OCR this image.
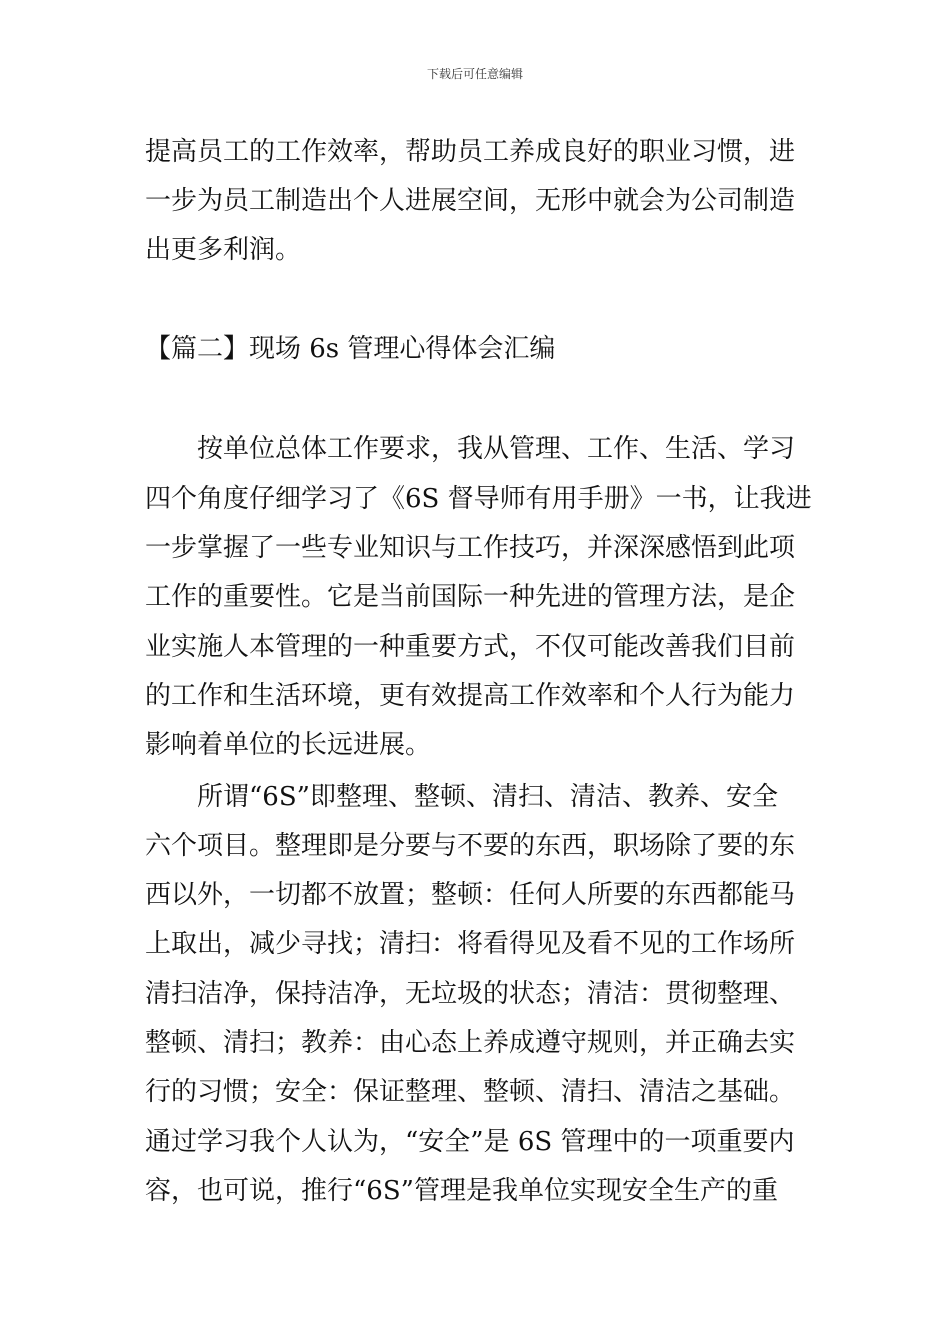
下载后可任意编辑
提高员工的工作效率，帮助员工养成良好的职业习惯，进
一步为员工制造出个人进展空间，无形中就会为公司制造
出更多利润。
【篇二】现场 6s 管理心得体会汇编
按单位总体工作要求，我从管理、工作、生活、学习
四个角度仔细学习了《6S 督导师有用手册》一书，让我进
一步掌握了一些专业知识与工作技巧，并深深感悟到此项
工作的重要性。它是当前国际一种先进的管理方法，是企
业实施人本管理的一种重要方式，不仅可能改善我们目前
的工作和生活环境，更有效提高工作效率和个人行为能力
影响着单位的长远进展。
所谓“6S”即整理、整顿、清扫、清洁、教养、安全
六个项目。整理即是分要与不要的东西，职场除了要的东
西以外，一切都不放置；整顿：任何人所要的东西都能马
上取出，减少寻找；清扫：将看得见及看不见的工作场所
清扫洁净，保持洁净，无垃圾的状态；清洁：贯彻整理、
整顿、清扫；教养：由心态上养成遵守规则，并正确去实
行的习惯；安全：保证整理、整顿、清扫、清洁之基础。
通过学习我个人认为，“安全”是 6S 管理中的一项重要内
容，也可说，推行“6S”管理是我单位实现安全生产的重
